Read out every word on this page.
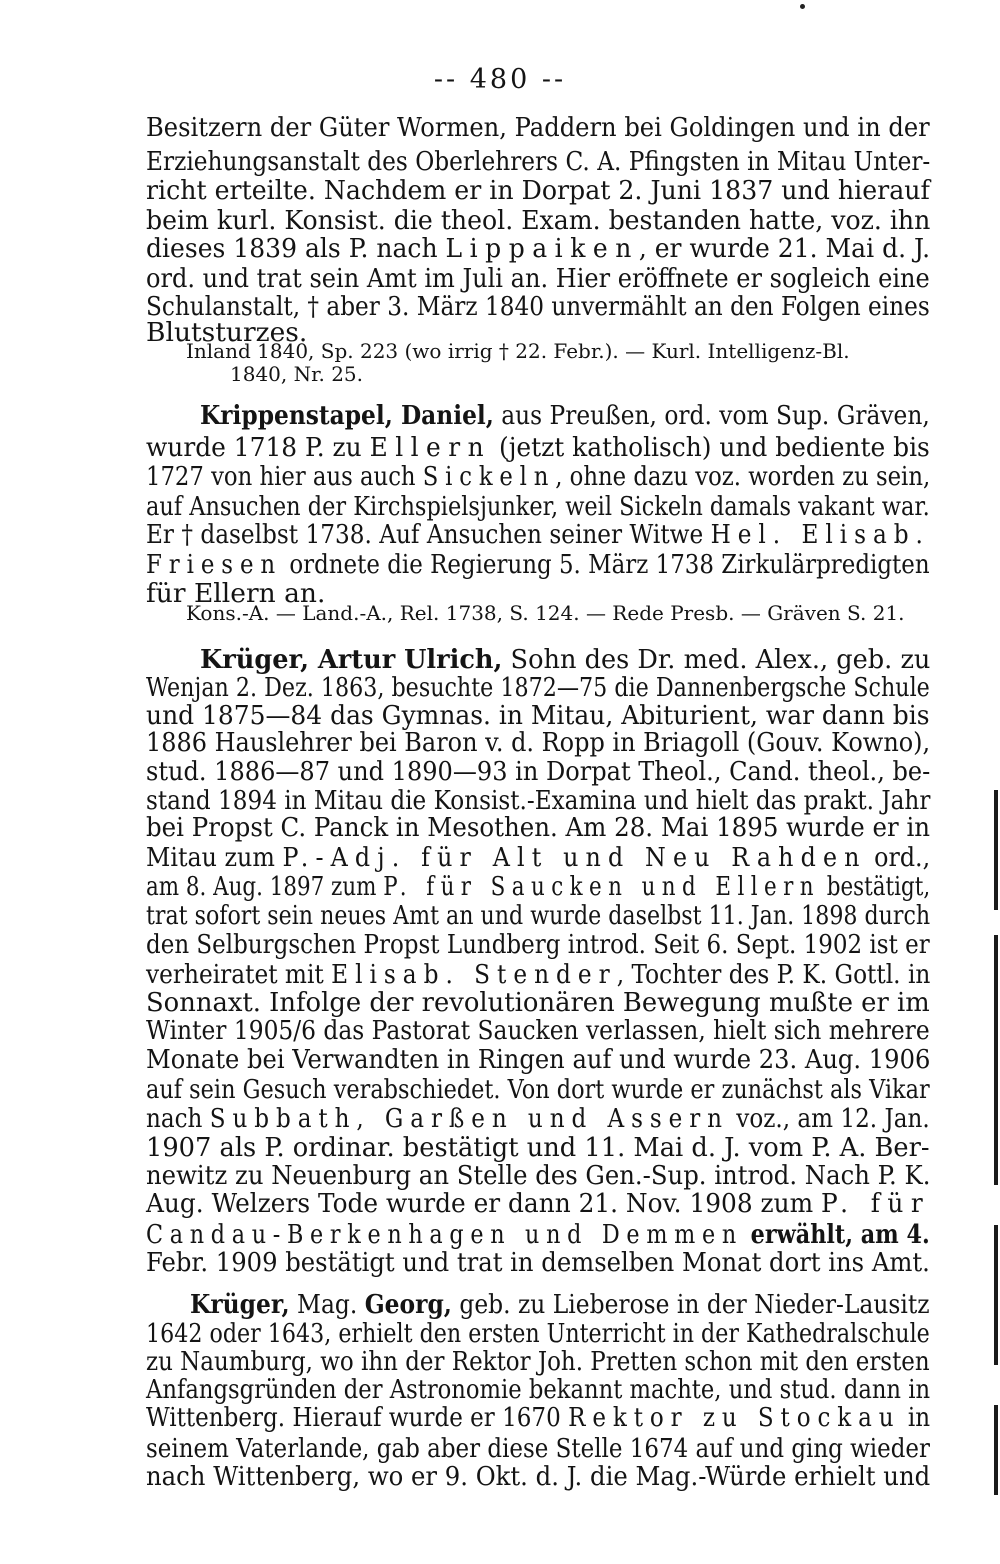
-- 480 --
Besitzern der Güter Wormen, Paddern bei Goldingen und in der
Erziehungsanstalt des Oberlehrers C. A. Pfingsten in Mitau Unter-
richt erteilte. Nachdem er in Dorpat 2. Juni 1837 und hierauf
beim kurl. Konsist. die theol. Exam. bestanden hatte, voz. ihn
dieses 1839 als P. nach Lippaiken, er wurde 21. Mai d. J.
ord. und trat sein Amt im Juli an. Hier eröffnete er sogleich eine
Schulanstalt, † aber 3. März 1840 unvermählt an den Folgen eines
Blutsturzes.
Inland 1840, Sp. 223 (wo irrig † 22. Febr.). — Kurl. Intelligenz-Bl.
1840, Nr. 25.
Krippenstapel, Daniel, aus Preußen, ord. vom Sup. Gräven,
wurde 1718 P. zu Ellern (jetzt katholisch) und bediente bis
1727 von hier aus auch Sickeln, ohne dazu voz. worden zu sein,
auf Ansuchen der Kirchspielsjunker, weil Sickeln damals vakant war.
Er † daselbst 1738. Auf Ansuchen seiner Witwe Hel. Elisab.
Friesen ordnete die Regierung 5. März 1738 Zirkulärpredigten
für Ellern an.
Kons.-A. — Land.-A., Rel. 1738, S. 124. — Rede Presb. — Gräven S. 21.
Krüger, Artur Ulrich, Sohn des Dr. med. Alex., geb. zu
Wenjan 2. Dez. 1863, besuchte 1872—75 die Dannenbergsche Schule
und 1875—84 das Gymnas. in Mitau, Abiturient, war dann bis
1886 Hauslehrer bei Baron v. d. Ropp in Briagoll (Gouv. Kowno),
stud. 1886—87 und 1890—93 in Dorpat Theol., Cand. theol., be-
stand 1894 in Mitau die Konsist.-Examina und hielt das prakt. Jahr
bei Propst C. Panck in Mesothen. Am 28. Mai 1895 wurde er in
Mitau zum P.-Adj. für Alt und Neu Rahden ord.,
am 8. Aug. 1897 zum P. für Saucken und Ellern bestätigt,
trat sofort sein neues Amt an und wurde daselbst 11. Jan. 1898 durch
den Selburgschen Propst Lundberg introd. Seit 6. Sept. 1902 ist er
verheiratet mit Elisab. Stender, Tochter des P. K. Gottl. in
Sonnaxt. Infolge der revolutionären Bewegung mußte er im
Winter 1905/6 das Pastorat Saucken verlassen, hielt sich mehrere
Monate bei Verwandten in Ringen auf und wurde 23. Aug. 1906
auf sein Gesuch verabschiedet. Von dort wurde er zunächst als Vikar
nach Subbath, Garßen und Assern voz., am 12. Jan.
1907 als P. ordinar. bestätigt und 11. Mai d. J. vom P. A. Ber-
newitz zu Neuenburg an Stelle des Gen.-Sup. introd. Nach P. K.
Aug. Welzers Tode wurde er dann 21. Nov. 1908 zum P. für
Candau-Berkenhagen und Demmen erwählt, am 4.
Febr. 1909 bestätigt und trat in demselben Monat dort ins Amt.
Krüger, Mag. Georg, geb. zu Lieberose in der Nieder-Lausitz
1642 oder 1643, erhielt den ersten Unterricht in der Kathedralschule
zu Naumburg, wo ihn der Rektor Joh. Pretten schon mit den ersten
Anfangsgründen der Astronomie bekannt machte, und stud. dann in
Wittenberg. Hierauf wurde er 1670 Rektor zu Stockau in
seinem Vaterlande, gab aber diese Stelle 1674 auf und ging wieder
nach Wittenberg, wo er 9. Okt. d. J. die Mag.-Würde erhielt und
